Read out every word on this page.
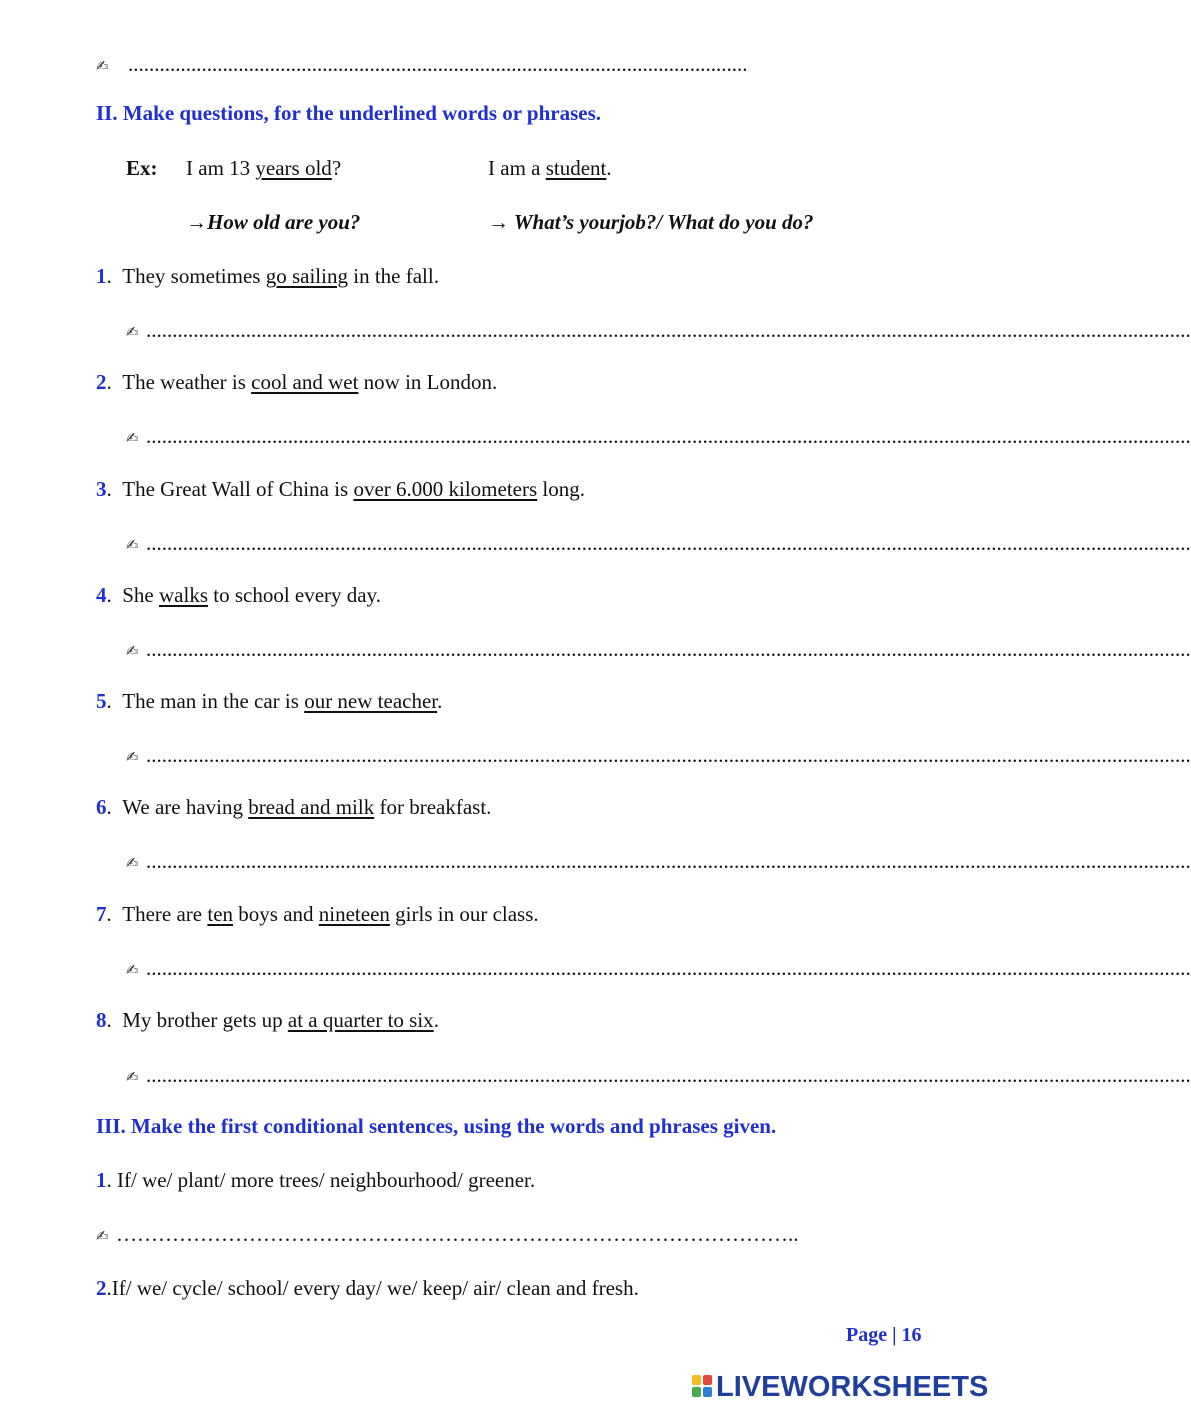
✍ ......................................................................................................................
II. Make questions, for the underlined words or phrases.
Ex: I am 13 years old?	I am a student.
→How old are you?	→ What’s yourjob?/ What do you do?
1. They sometimes go sailing in the fall.
✍ .......................................................................................................................................................................................................
2. The weather is cool and wet now in London.
✍ .......................................................................................................................................................................................................
3. The Great Wall of China is over 6.000 kilometers long.
✍ .......................................................................................................................................................................................................
4. She walks to school every day.
✍ .......................................................................................................................................................................................................
5. The man in the car is our new teacher.
✍ .......................................................................................................................................................................................................
6. We are having bread and milk for breakfast.
✍ .......................................................................................................................................................................................................
7. There are ten boys and nineteen girls in our class.
✍ .......................................................................................................................................................................................................
8. My brother gets up at a quarter to six.
✍ .......................................................................................................................................................................................................
III. Make the first conditional sentences, using the words and phrases given.
1. If/ we/ plant/ more trees/ neighbourhood/ greener.
✍ ……………………………………………………………………………………..
2.If/ we/ cycle/ school/ every day/ we/ keep/ air/ clean and fresh.
Page | 16
LIVEWORKSHEETS
